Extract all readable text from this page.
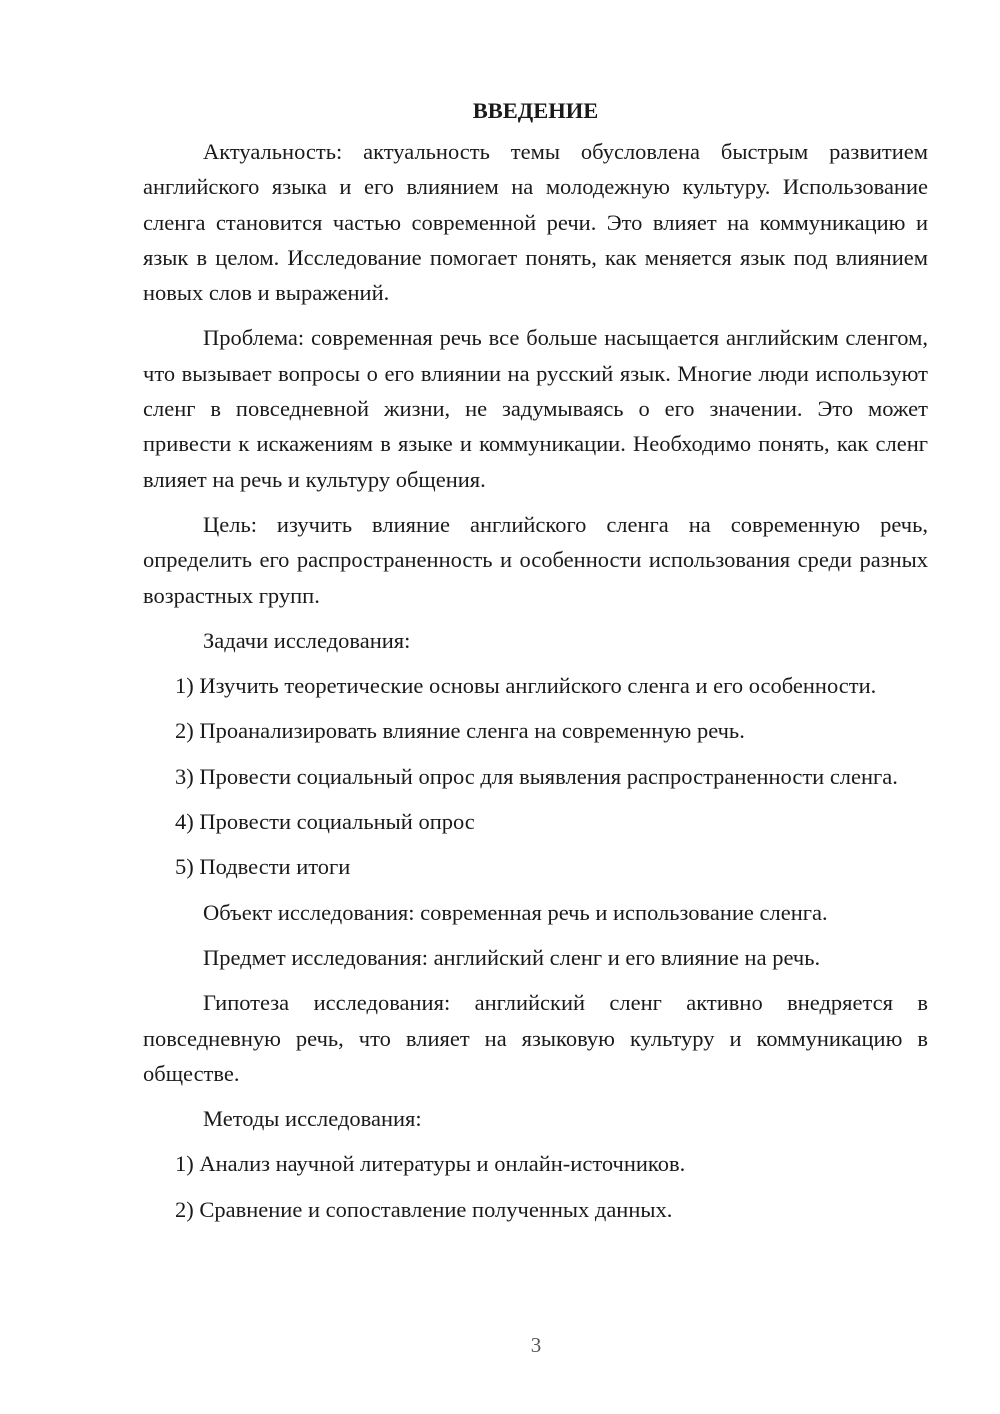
ВВЕДЕНИЕ

Актуальность: актуальность темы обусловлена быстрым развитием английского языка и его влиянием на молодежную культуру. Использование сленга становится частью современной речи. Это влияет на коммуникацию и язык в целом. Исследование помогает понять, как меняется язык под влиянием новых слов и выражений.

Проблема: современная речь все больше насыщается английским сленгом, что вызывает вопросы о его влиянии на русский язык. Многие люди используют сленг в повседневной жизни, не задумываясь о его значении. Это может привести к искажениям в языке и коммуникации. Необходимо понять, как сленг влияет на речь и культуру общения.

Цель: изучить влияние английского сленга на современную речь, определить его распространенность и особенности использования среди разных возрастных групп.

Задачи исследования:

1) Изучить теоретические основы английского сленга и его особенности.

2) Проанализировать влияние сленга на современную речь.

3) Провести социальный опрос для выявления распространенности сленга.

4) Провести социальный опрос

5) Подвести итоги

Объект исследования: современная речь и использование сленга.

Предмет исследования: английский сленг и его влияние на речь.

Гипотеза исследования: английский сленг активно внедряется в повседневную речь, что влияет на языковую культуру и коммуникацию в обществе.

Методы исследования:

1) Анализ научной литературы и онлайн-источников.

2) Сравнение и сопоставление полученных данных.

3
